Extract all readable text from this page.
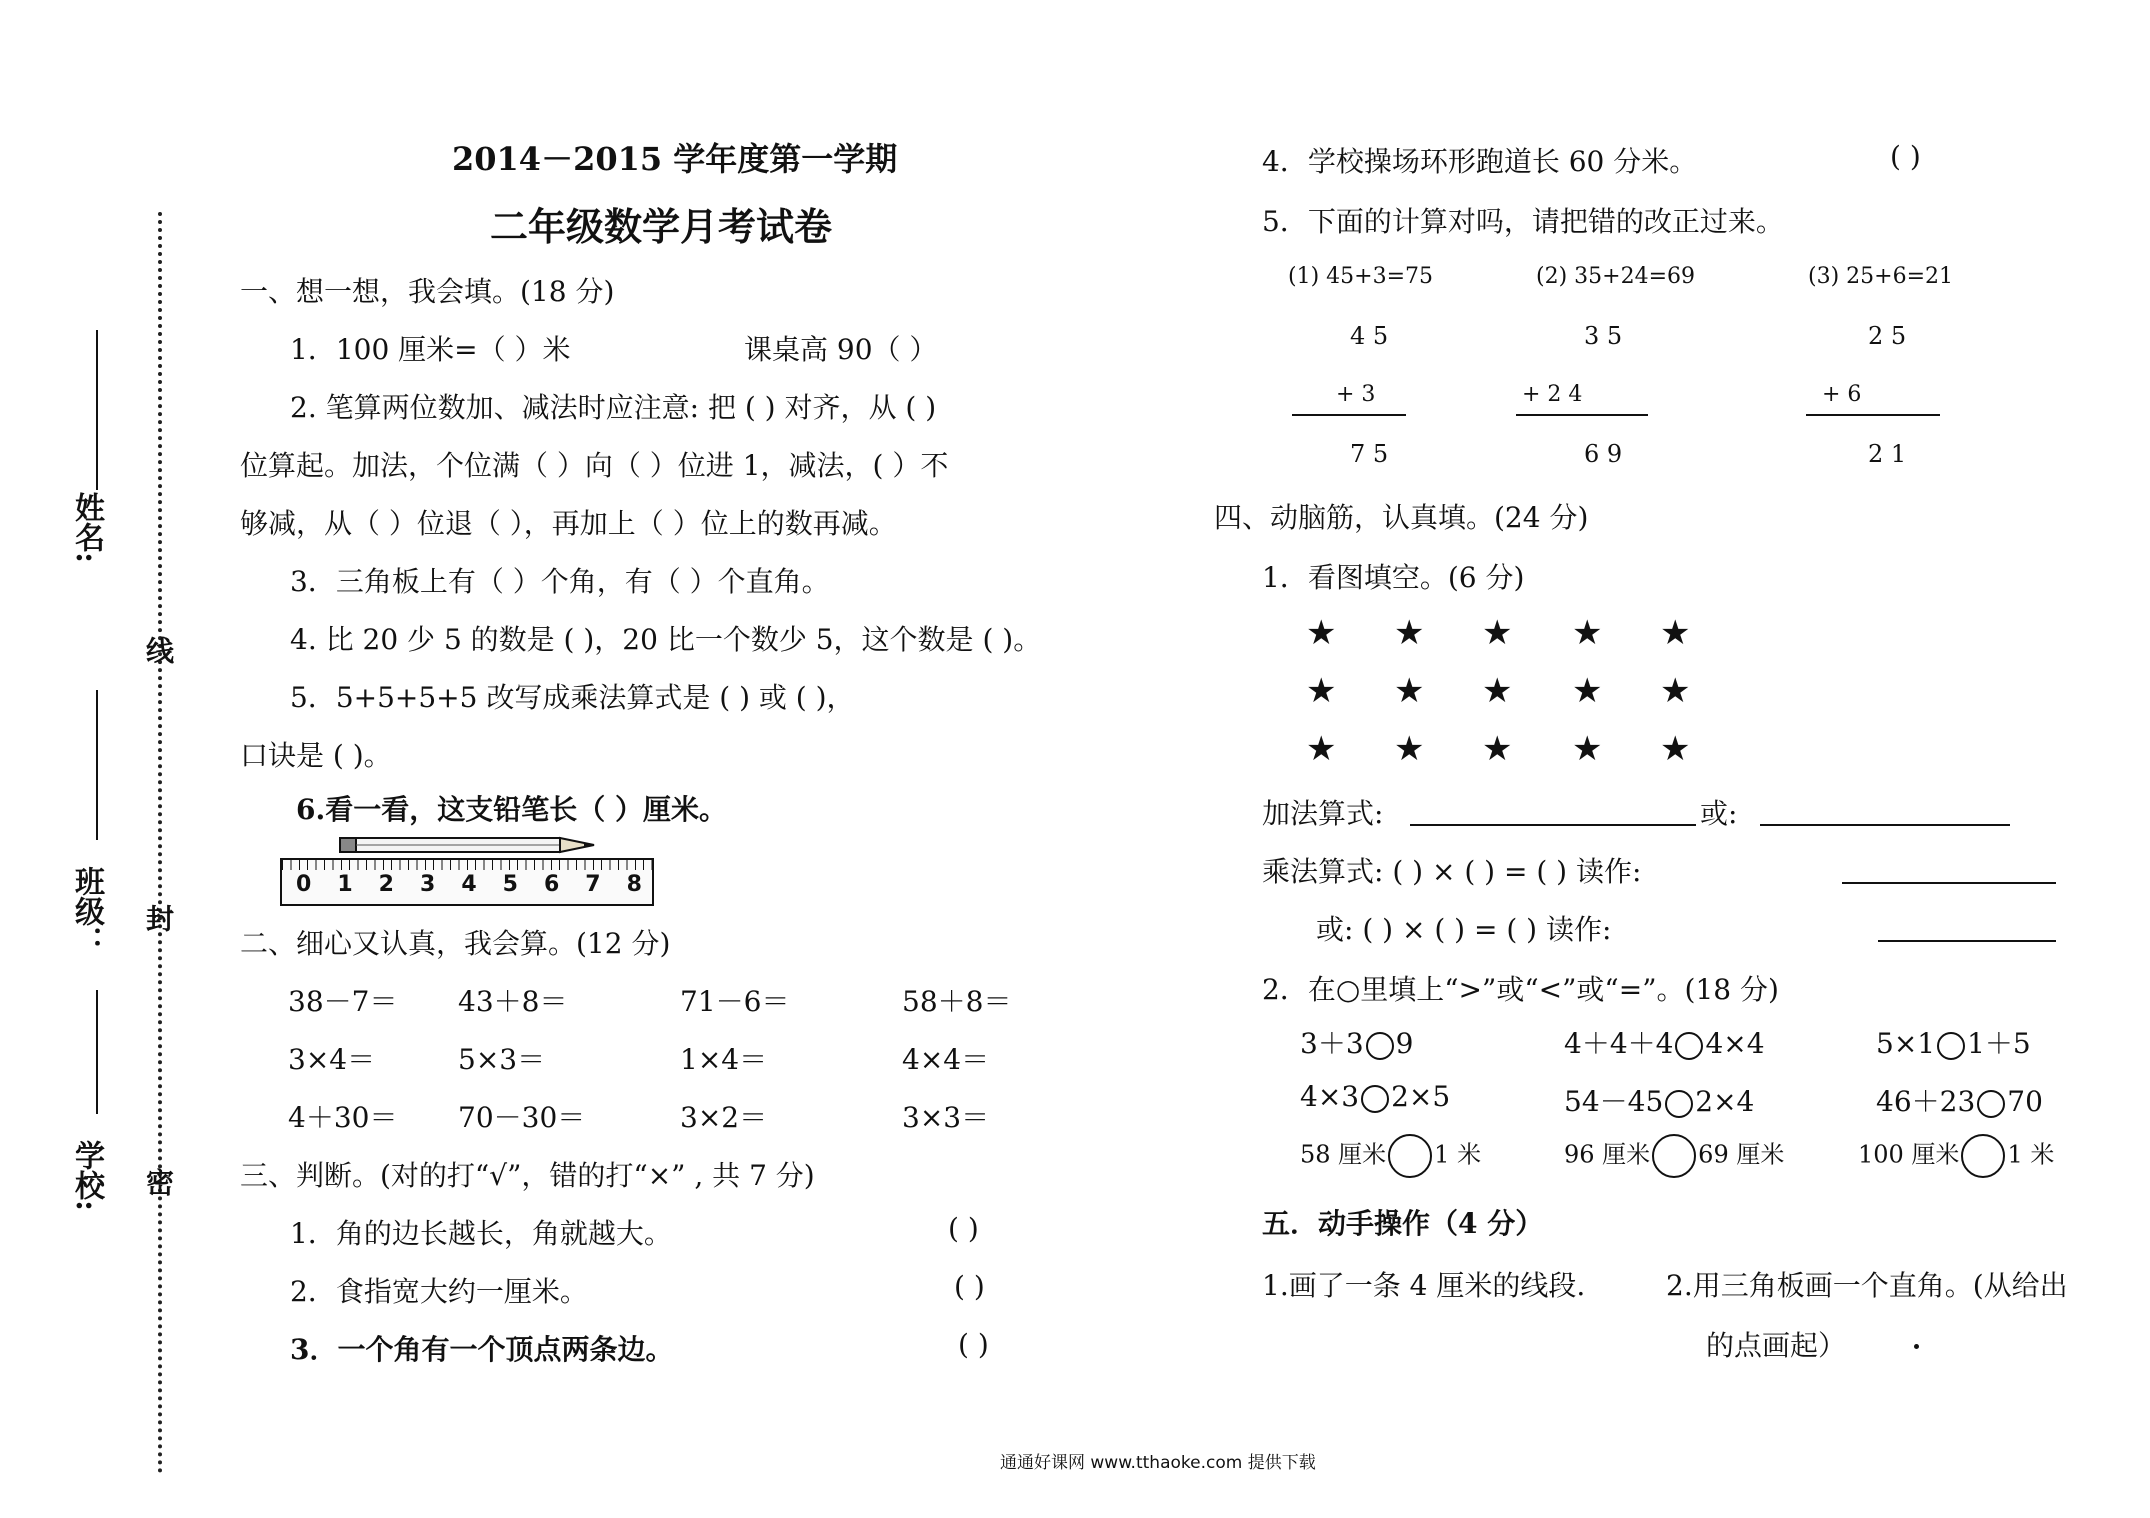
姓名:
班级：
学校:
线
封
密
2014－2015 学年度第一学期
二年级数学月考试卷
一、想一想，我会填。(18 分)
1．100 厘米=（ ）米	课桌高 90（ ）
2. 笔算两位数加、减法时应注意: 把 ( ) 对齐，从 ( )
位算起。加法，个位满（ ）向（ ）位进 1，减法，( ）不
够减，从（ ）位退（ ），再加上（ ）位上的数再减。
3．三角板上有（ ）个角，有（ ）个直角。
4. 比 20 少 5 的数是 ( )，20 比一个数少 5，这个数是 ( )。
5．5+5+5+5 改写成乘法算式是 ( ) 或 ( )，
口诀是 ( )。
6.看一看，这支铅笔长（ ）厘米。
0 1 2 3 4 5 6 7 8
二、细心又认真，我会算。(12 分)
38－7＝ 43＋8＝	71－6＝	58＋8＝
3×4＝	5×3＝	1×4＝	4×4＝
4＋30＝ 70－30＝	3×2＝	3×3＝
三、判断。(对的打“√”，错的打“×” , 共 7 分)
1．角的边长越长，角就越大。	( )
2．食指宽大约一厘米。	( )
3．一个角有一个顶点两条边。	( )
4．学校操场环形跑道长 60 分米。	( )
5．下面的计算对吗，请把错的改正过来。
(1) 45+3=75
4 5
+ 3
7 5
(2) 35+24=69
3 5
+ 2 4
6 9
(3) 25+6=21
2 5
+ 6
2 1
四、动脑筋，认真填。(24 分)
1．看图填空。(6 分)
★ ★ ★ ★ ★
★ ★ ★ ★ ★
★ ★ ★ ★ ★
加法算式:	或:
乘法算式: ( ) × ( ) = ( ) 读作:
或: ( ) × ( ) = ( ) 读作:
2．在○里填上“>”或“<”或“=”。(18 分)
3＋3 9	4＋4＋4 4×4	5×1 1＋5
4×3 2×5	54－45 2×4	46＋23 70
58 厘米 1 米	96 厘米 69 厘米	100 厘米 1 米
五．动手操作（4 分）
1.画了一条 4 厘米的线段.	2.用三角板画一个直角。(从给出
的点画起）
通通好课网 www.tthaoke.com 提供下载
